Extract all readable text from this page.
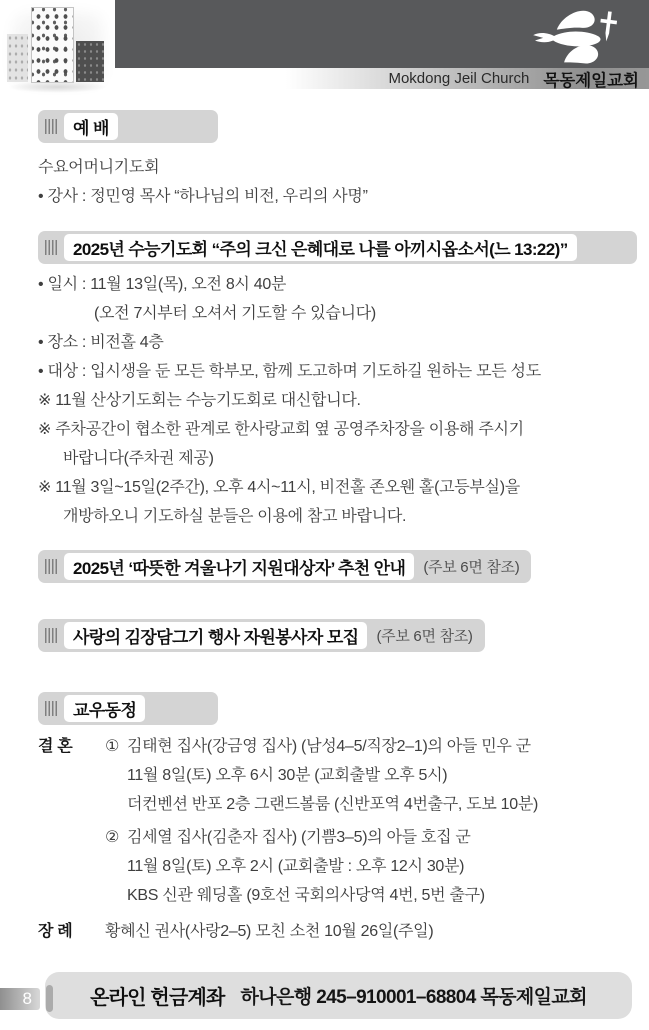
Mokdong Jeil Church 목동제일교회
예 배
수요어머니기도회
• 강사 : 정민영 목사 “하나님의 비전, 우리의 사명”
2025년 수능기도회 “주의 크신 은혜대로 나를 아끼시옵소서(느 13:22)”
• 일시 : 11월 13일(목), 오전 8시 40분
(오전 7시부터 오셔서 기도할 수 있습니다)
• 장소 : 비전홀 4층
• 대상 : 입시생을 둔 모든 학부모, 함께 도고하며 기도하길 원하는 모든 성도
※ 11월 산상기도회는 수능기도회로 대신합니다.
※ 주차공간이 협소한 관계로 한사랑교회 옆 공영주차장을 이용해 주시기
바랍니다(주차권 제공)
※ 11월 3일~15일(2주간), 오후 4시~11시, 비전홀 존오웬 홀(고등부실)을
개방하오니 기도하실 분들은 이용에 참고 바랍니다.
2025년 ‘따뜻한 겨울나기 지원대상자’ 추천 안내	(주보 6면 참조)
사랑의 김장담그기 행사 자원봉사자 모집	(주보 6면 참조)
교우동정
결 혼	① 김태현 집사(강금영 집사) (남성4–5/직장2–1)의 아들 민우 군
11월 8일(토) 오후 6시 30분 (교회출발 오후 5시)
더컨벤션 반포 2층 그랜드볼룸 (신반포역 4번출구, 도보 10분)
② 김세열 집사(김춘자 집사) (기쁨3–5)의 아들 호집 군
11월 8일(토) 오후 2시 (교회출발 : 오후 12시 30분)
KBS 신관 웨딩홀 (9호선 국회의사당역 4번, 5번 출구)
장 례	황혜신 권사(사랑2–5) 모친 소천 10월 26일(주일)
온라인 헌금계좌 하나은행 245–910001–68804 목동제일교회
8
